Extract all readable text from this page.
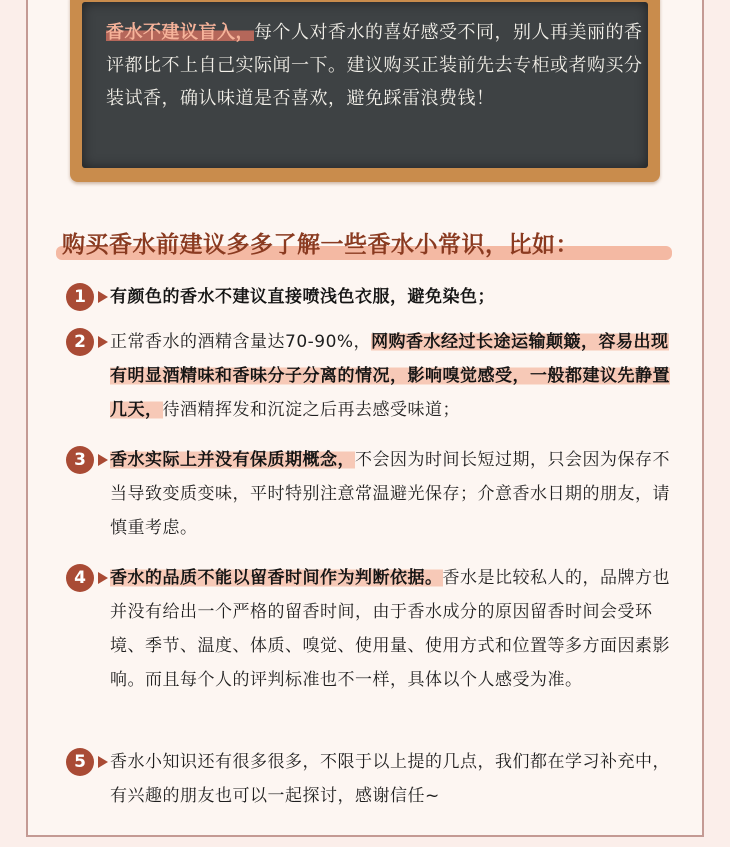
香水不建议盲入，每个人对香水的喜好感受不同，别人再美丽的香评都比不上自己实际闻一下。建议购买正装前先去专柜或者购买分装试香，确认味道是否喜欢，避免踩雷浪费钱！
购买香水前建议多多了解一些香水小常识，比如：
1	有颜色的香水不建议直接喷浅色衣服，避免染色；
2	正常香水的酒精含量达70-90%，网购香水经过长途运输颠簸，容易出现有明显酒精味和香味分子分离的情况，影响嗅觉感受，一般都建议先静置几天，待酒精挥发和沉淀之后再去感受味道；
3	香水实际上并没有保质期概念，不会因为时间长短过期，只会因为保存不当导致变质变味，平时特别注意常温避光保存；介意香水日期的朋友，请慎重考虑。
4	香水的品质不能以留香时间作为判断依据。香水是比较私人的，品牌方也并没有给出一个严格的留香时间，由于香水成分的原因留香时间会受环境、季节、温度、体质、嗅觉、使用量、使用方式和位置等多方面因素影响。而且每个人的评判标准也不一样，具体以个人感受为准。
5	香水小知识还有很多很多，不限于以上提的几点，我们都在学习补充中，有兴趣的朋友也可以一起探讨，感谢信任~
